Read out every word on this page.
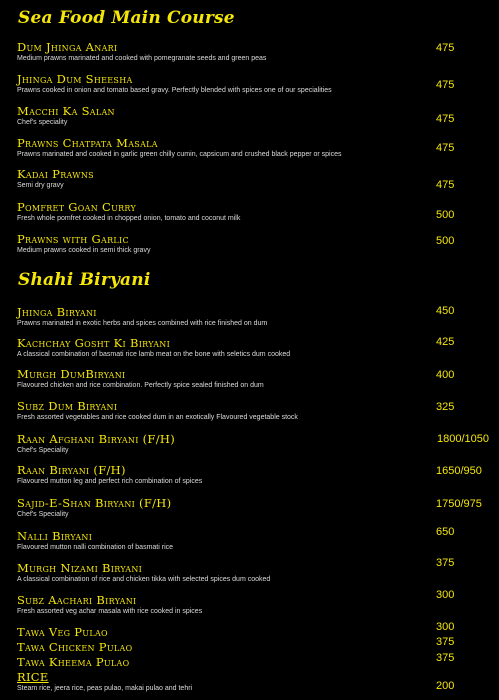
Sea Food Main Course
Dum Jhinga Anari
Medium prawns marinated and cooked with pomegranate seeds and green peas
475
Jhinga Dum Sheesha
Prawns cooked in onion and tomato based gravy. Perfectly blended with spices one of our specialities	475
Macchi Ka Salan
Chef's speciality	475
Prawns Chatpata Masala
Prawns marinated and cooked in garlic green chilly cumin, capsicum and crushed black pepper or spices
475
Kadai Prawns
Semi dry gravy	475
Pomfret Goan Curry
Fresh whole pomfret cooked in chopped onion, tomato and coconut milk	500
Prawns with Garlic
Medium prawns cooked in semi thick gravy
500
Shahi Biryani
Jhinga Biryani
Prawns marinated in exotic herbs and spices combined with rice finished on dum
450
Kachchay Gosht Ki Biryani
A classical combination of basmati rice lamb meat on the bone with seletics dum cooked
425
Murgh DumBiryani
Flavoured chicken and rice combination. Perfectly spice sealed finished on dum
400
Subz Dum Biryani
Fresh assorted vegetables and rice cooked dum in an exotically Flavoured vegetable stock
325
Raan Afghani Biryani (F/H)
Chef's Speciality
1800/1050
Raan Biryani (F/H)
Flavoured mutton leg and perfect rich combination of spices
1650/950
Sajid-E-Shan Biryani (F/H)
Chef's Speciality
1750/975
Nalli Biryani
Flavoured mutton nalli combination of basmati rice
650
Murgh Nizami Biryani
A classical combination of rice and chicken tikka with selected spices dum cooked
375
Subz Aachari Biryani
Fresh assorted veg achar masala with rice cooked in spices
300
Tawa Veg Pulao	300
Tawa Chicken Pulao	375
Tawa Kheema Pulao	375
RICE
Steam rice, jeera rice, peas pulao, makai pulao and tehri	200
